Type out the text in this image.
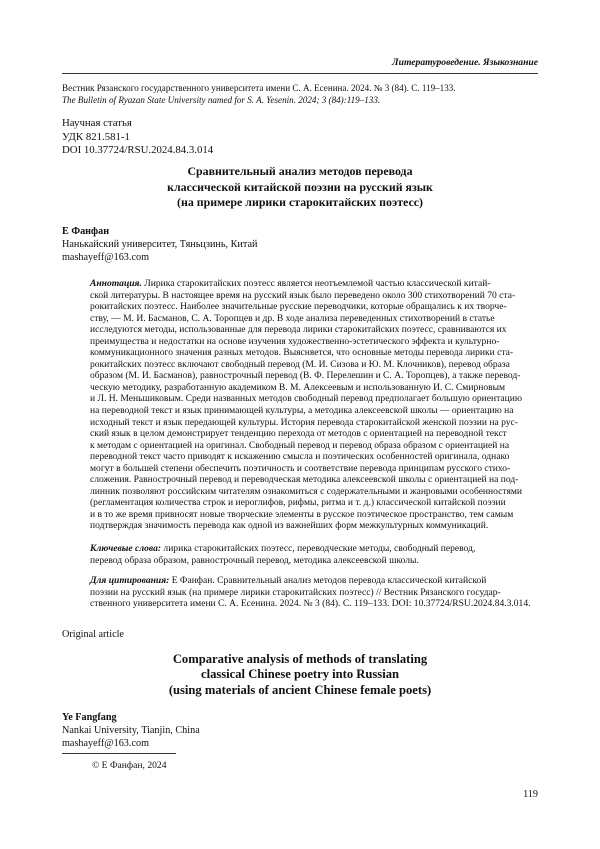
Литературоведение. Языкознание
Вестник Рязанского государственного университета имени С. А. Есенина. 2024. № 3 (84). С. 119–133.
The Bulletin of Ryazan State University named for S. A. Yesenin. 2024; 3 (84):119–133.
Научная статья
УДК 821.581-1
DOI 10.37724/RSU.2024.84.3.014
Сравнительный анализ методов перевода
классической китайской поэзии на русский язык
(на примере лирики старокитайских поэтесс)
Е Фанфан
Нанькайский университет, Тяньцзинь, Китай
mashayeff@163.com
Аннотация. Лирика старокитайских поэтесс является неотъемлемой частью классической китай-
ской литературы. В настоящее время на русский язык было переведено около 300 стихотворений 70 ста-
рокитайских поэтесс. Наиболее значительные русские переводчики, которые обращались к их творче-
ству, — М. И. Басманов, С. А. Торопцев и др. В ходе анализа переведенных стихотворений в статье
исследуются методы, использованные для перевода лирики старокитайских поэтесс, сравниваются их
преимущества и недостатки на основе изучения художественно-эстетического эффекта и культурно-
коммуникационного значения разных методов. Выясняется, что основные методы перевода лирики ста-
рокитайских поэтесс включают свободный перевод (М. И. Сизова и Ю. М. Клочников), перевод образа
образом (М. И. Басманов), равнострочный перевод (В. Ф. Перелешин и С. А. Торопцев), а также перевод-
ческую методику, разработанную академиком В. М. Алексеевым и использованную И. С. Смирновым
и Л. Н. Меньшиковым. Среди названных методов свободный перевод предполагает большую ориентацию
на переводной текст и язык принимающей культуры, а методика алексеевской школы — ориентацию на
исходный текст и язык передающей культуры. История перевода старокитайской женской поэзии на рус-
ский язык в целом демонстрирует тенденцию перехода от методов с ориентацией на переводной текст
к методам с ориентацией на оригинал. Свободный перевод и перевод образа образом с ориентацией на
переводной текст часто приводят к искажению смысла и поэтических особенностей оригинала, однако
могут в большей степени обеспечить поэтичность и соответствие перевода принципам русского стихо-
сложения. Равнострочный перевод и переводческая методика алексеевской школы с ориентацией на под-
линник позволяют российским читателям ознакомиться с содержательными и жанровыми особенностями
(регламентация количества строк и иероглифов, рифмы, ритма и т. д.) классической китайской поэзии
и в то же время привносят новые творческие элементы в русское поэтическое пространство, тем самым
подтверждая значимость перевода как одной из важнейших форм межкультурных коммуникаций.
Ключевые слова: лирика старокитайских поэтесс, переводческие методы, свободный перевод,
перевод образа образом, равнострочный перевод, методика алексеевской школы.
Для цитирования: Е Фанфан. Сравнительный анализ методов перевода классической китайской
поэзии на русский язык (на примере лирики старокитайских поэтесс) // Вестник Рязанского государ-
ственного университета имени С. А. Есенина. 2024. № 3 (84). С. 119–133. DOI: 10.37724/RSU.2024.84.3.014.
Original article
Comparative analysis of methods of translating
classical Chinese poetry into Russian
(using materials of ancient Chinese female poets)
Ye Fangfang
Nankai University, Tianjin, China
mashayeff@163.com
© Е Фанфан, 2024
119
